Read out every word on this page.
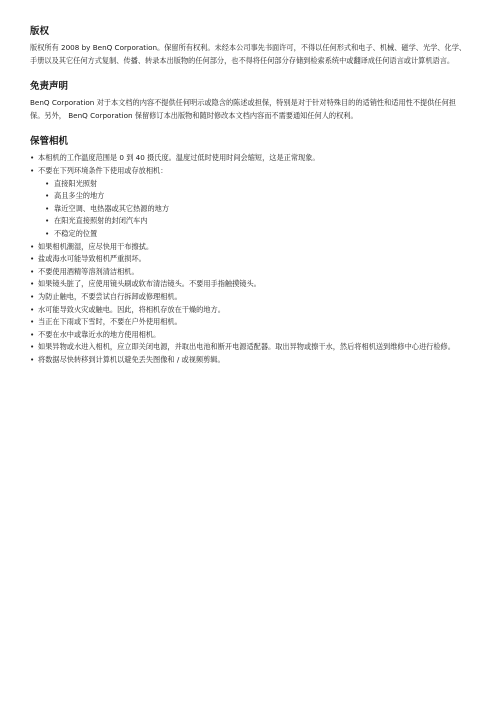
版权

版权所有 2008 by BenQ Corporation。保留所有权利。未经本公司事先书面许可，不得以任何形式和电子、机械、磁学、光学、化学、手册以及其它任何方式复制、传播、转录本出版物的任何部分，也不得将任何部分存储到检索系统中或翻译成任何语言或计算机语言。

免责声明

BenQ Corporation 对于本文档的内容不提供任何明示或隐含的陈述或担保，特别是对于针对特殊目的的适销性和适用性不提供任何担保。另外， BenQ Corporation 保留修订本出版物和随时修改本文档内容而不需要通知任何人的权利。

保管相机
• 本相机的工作温度范围是 0 到 40 摄氏度。温度过低时使用时间会缩短，这是正常现象。
• 不要在下列环境条件下使用或存放相机：
• 直接阳光照射
• 高且多尘的地方
• 靠近空调、电热器或其它热源的地方
• 在阳光直接照射的封闭汽车内
• 不稳定的位置
• 如果相机潮湿，应尽快用干布擦拭。
• 盐或海水可能导致相机严重损坏。
• 不要使用酒精等溶剂清洁相机。
• 如果镜头脏了，应使用镜头刷或软布清洁镜头。不要用手指触摸镜头。
• 为防止触电，不要尝试自行拆卸或修理相机。
• 水可能导致火灾或触电。因此，将相机存放在干燥的地方。
• 当正在下雨或下雪时，不要在户外使用相机。
• 不要在水中或靠近水的地方使用相机。
• 如果异物或水进入相机，应立即关闭电源，并取出电池和断开电源适配器。取出异物或擦干水，然后将相机送到维修中心进行检修。
• 将数据尽快转移到计算机以避免丢失图像和 / 或视频剪辑。
